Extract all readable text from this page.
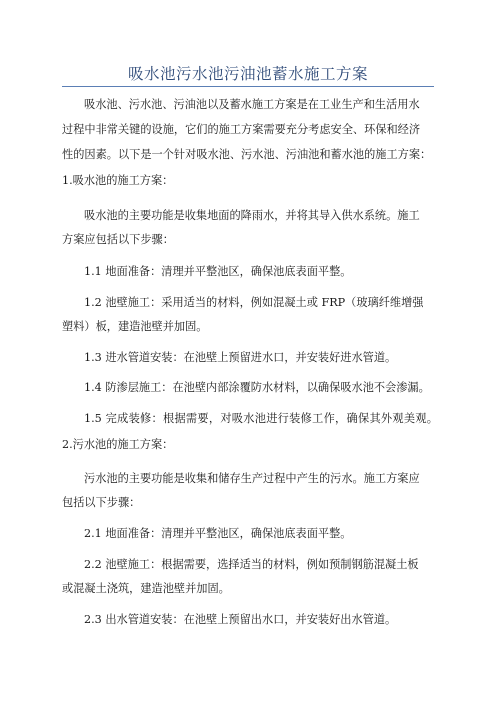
吸水池污水池污油池蓄水施工方案
吸水池、污水池、污油池以及蓄水施工方案是在工业生产和生活用水
过程中非常关键的设施，它们的施工方案需要充分考虑安全、环保和经济
性的因素。以下是一个针对吸水池、污水池、污油池和蓄水池的施工方案：
1.吸水池的施工方案：
吸水池的主要功能是收集地面的降雨水，并将其导入供水系统。施工
方案应包括以下步骤：
1.1 地面准备：清理并平整池区，确保池底表面平整。
1.2 池壁施工：采用适当的材料，例如混凝土或 FRP（玻璃纤维增强
塑料）板，建造池壁并加固。
1.3 进水管道安装：在池壁上预留进水口，并安装好进水管道。
1.4 防渗层施工：在池壁内部涂覆防水材料，以确保吸水池不会渗漏。
1.5 完成装修：根据需要，对吸水池进行装修工作，确保其外观美观。
2.污水池的施工方案：
污水池的主要功能是收集和储存生产过程中产生的污水。施工方案应
包括以下步骤：
2.1 地面准备：清理并平整池区，确保池底表面平整。
2.2 池壁施工：根据需要，选择适当的材料，例如预制钢筋混凝土板
或混凝土浇筑，建造池壁并加固。
2.3 出水管道安装：在池壁上预留出水口，并安装好出水管道。
